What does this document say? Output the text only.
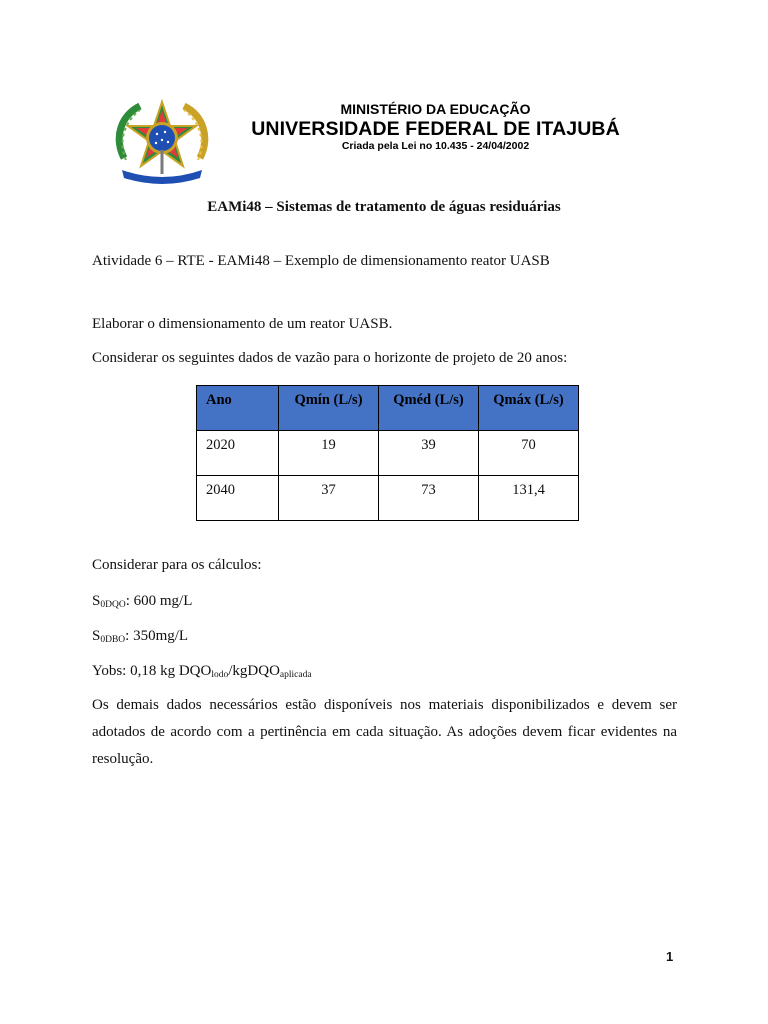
MINISTÉRIO DA EDUCAÇÃO
UNIVERSIDADE FEDERAL DE ITAJUBÁ
Criada pela Lei no 10.435 - 24/04/2002
EAMi48 – Sistemas de tratamento de águas residuárias
Atividade 6 – RTE - EAMi48 – Exemplo de dimensionamento reator UASB
Elaborar o dimensionamento de um reator UASB.
Considerar os seguintes dados de vazão para o horizonte de projeto de 20 anos:
Ano	Qmín (L/s)	Qméd (L/s)	Qmáx (L/s)
2020	19	39	70
2040	37	73	131,4
Considerar para os cálculos:
$S_{0DQO}$: 600 mg/L
$S_{0DBO}$: 350mg/L
Yobs: 0,18 kg $DQO_{lodo}/kgDQO_{aplicada}$
Os demais dados necessários estão disponíveis nos materiais disponibilizados e devem ser
adotados de acordo com a pertinência em cada situação. As adoções devem ficar evidentes na
resolução.
1
